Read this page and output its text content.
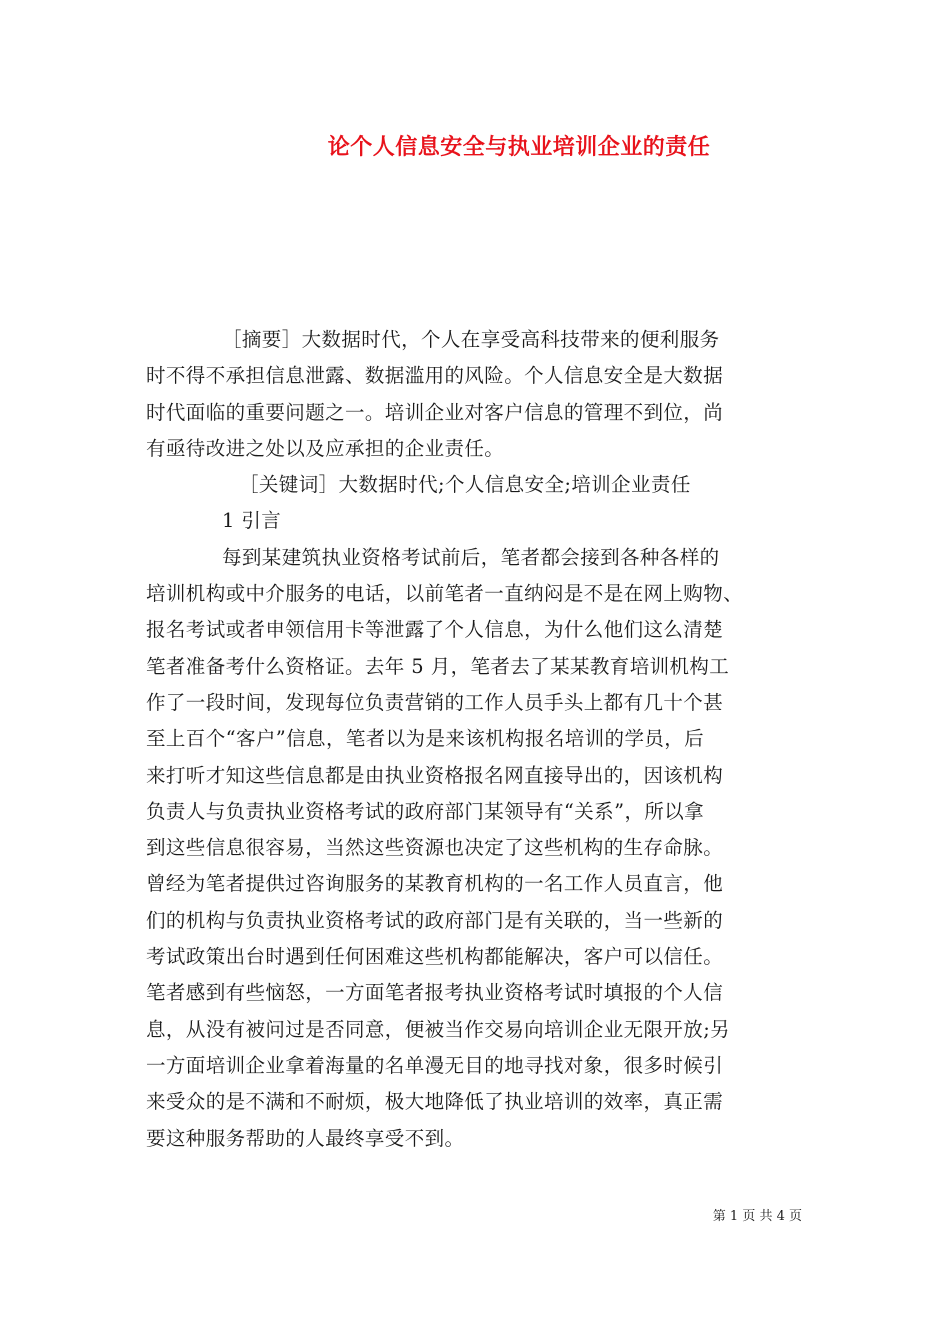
论个人信息安全与执业培训企业的责任
［摘要］大数据时代，个人在享受高科技带来的便利服务
时不得不承担信息泄露、数据滥用的风险。个人信息安全是大数据
时代面临的重要问题之一。培训企业对客户信息的管理不到位，尚
有亟待改进之处以及应承担的企业责任。
［关键词］大数据时代;个人信息安全;培训企业责任
1 引言
每到某建筑执业资格考试前后，笔者都会接到各种各样的
培训机构或中介服务的电话，以前笔者一直纳闷是不是在网上购物、
报名考试或者申领信用卡等泄露了个人信息，为什么他们这么清楚
笔者准备考什么资格证。去年 5 月，笔者去了某某教育培训机构工
作了一段时间，发现每位负责营销的工作人员手头上都有几十个甚
至上百个“客户”信息，笔者以为是来该机构报名培训的学员，后
来打听才知这些信息都是由执业资格报名网直接导出的，因该机构
负责人与负责执业资格考试的政府部门某领导有“关系”，所以拿
到这些信息很容易，当然这些资源也决定了这些机构的生存命脉。
曾经为笔者提供过咨询服务的某教育机构的一名工作人员直言，他
们的机构与负责执业资格考试的政府部门是有关联的，当一些新的
考试政策出台时遇到任何困难这些机构都能解决，客户可以信任。
笔者感到有些恼怒，一方面笔者报考执业资格考试时填报的个人信
息，从没有被问过是否同意，便被当作交易向培训企业无限开放;另
一方面培训企业拿着海量的名单漫无目的地寻找对象，很多时候引
来受众的是不满和不耐烦，极大地降低了执业培训的效率，真正需
要这种服务帮助的人最终享受不到。
第 1 页 共 4 页
